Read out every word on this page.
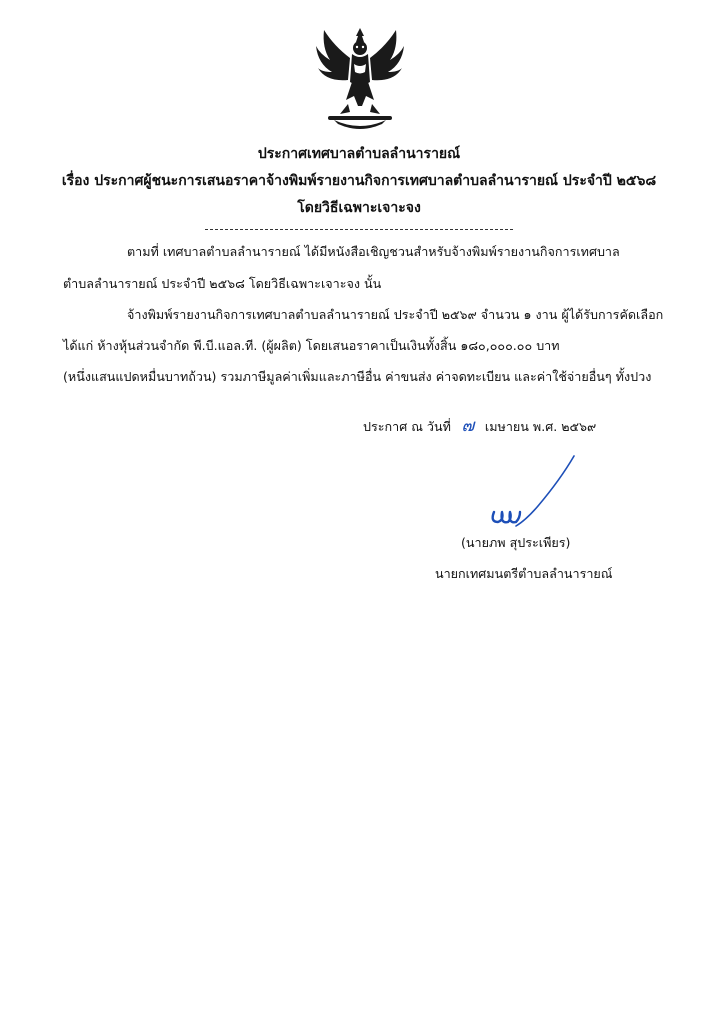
ประกาศเทศบาลตำบลลำนารายณ์
เรื่อง ประกาศผู้ชนะการเสนอราคาจ้างพิมพ์รายงานกิจการเทศบาลตำบลลำนารายณ์ ประจำปี ๒๕๖๘
โดยวิธีเฉพาะเจาะจง
ตามที่ เทศบาลตำบลลำนารายณ์ ได้มีหนังสือเชิญชวนสำหรับจ้างพิมพ์รายงานกิจการเทศบาล
ตำบลลำนารายณ์ ประจำปี ๒๕๖๘ โดยวิธีเฉพาะเจาะจง นั้น
จ้างพิมพ์รายงานกิจการเทศบาลตำบลลำนารายณ์ ประจำปี ๒๕๖๙ จำนวน ๑ งาน ผู้ได้รับการคัดเลือก
ได้แก่ ห้างหุ้นส่วนจำกัด พี.บี.แอล.ที. (ผู้ผลิต) โดยเสนอราคาเป็นเงินทั้งสิ้น ๑๘๐,๐๐๐.๐๐ บาท
(หนึ่งแสนแปดหมื่นบาทถ้วน) รวมภาษีมูลค่าเพิ่มและภาษีอื่น ค่าขนส่ง ค่าจดทะเบียน และค่าใช้จ่ายอื่นๆ ทั้งปวง
ประกาศ ณ วันที่ ๗ เมษายน พ.ศ. ๒๕๖๙
(นายภพ สุประเพียร)
นายกเทศมนตรีตำบลลำนารายณ์
